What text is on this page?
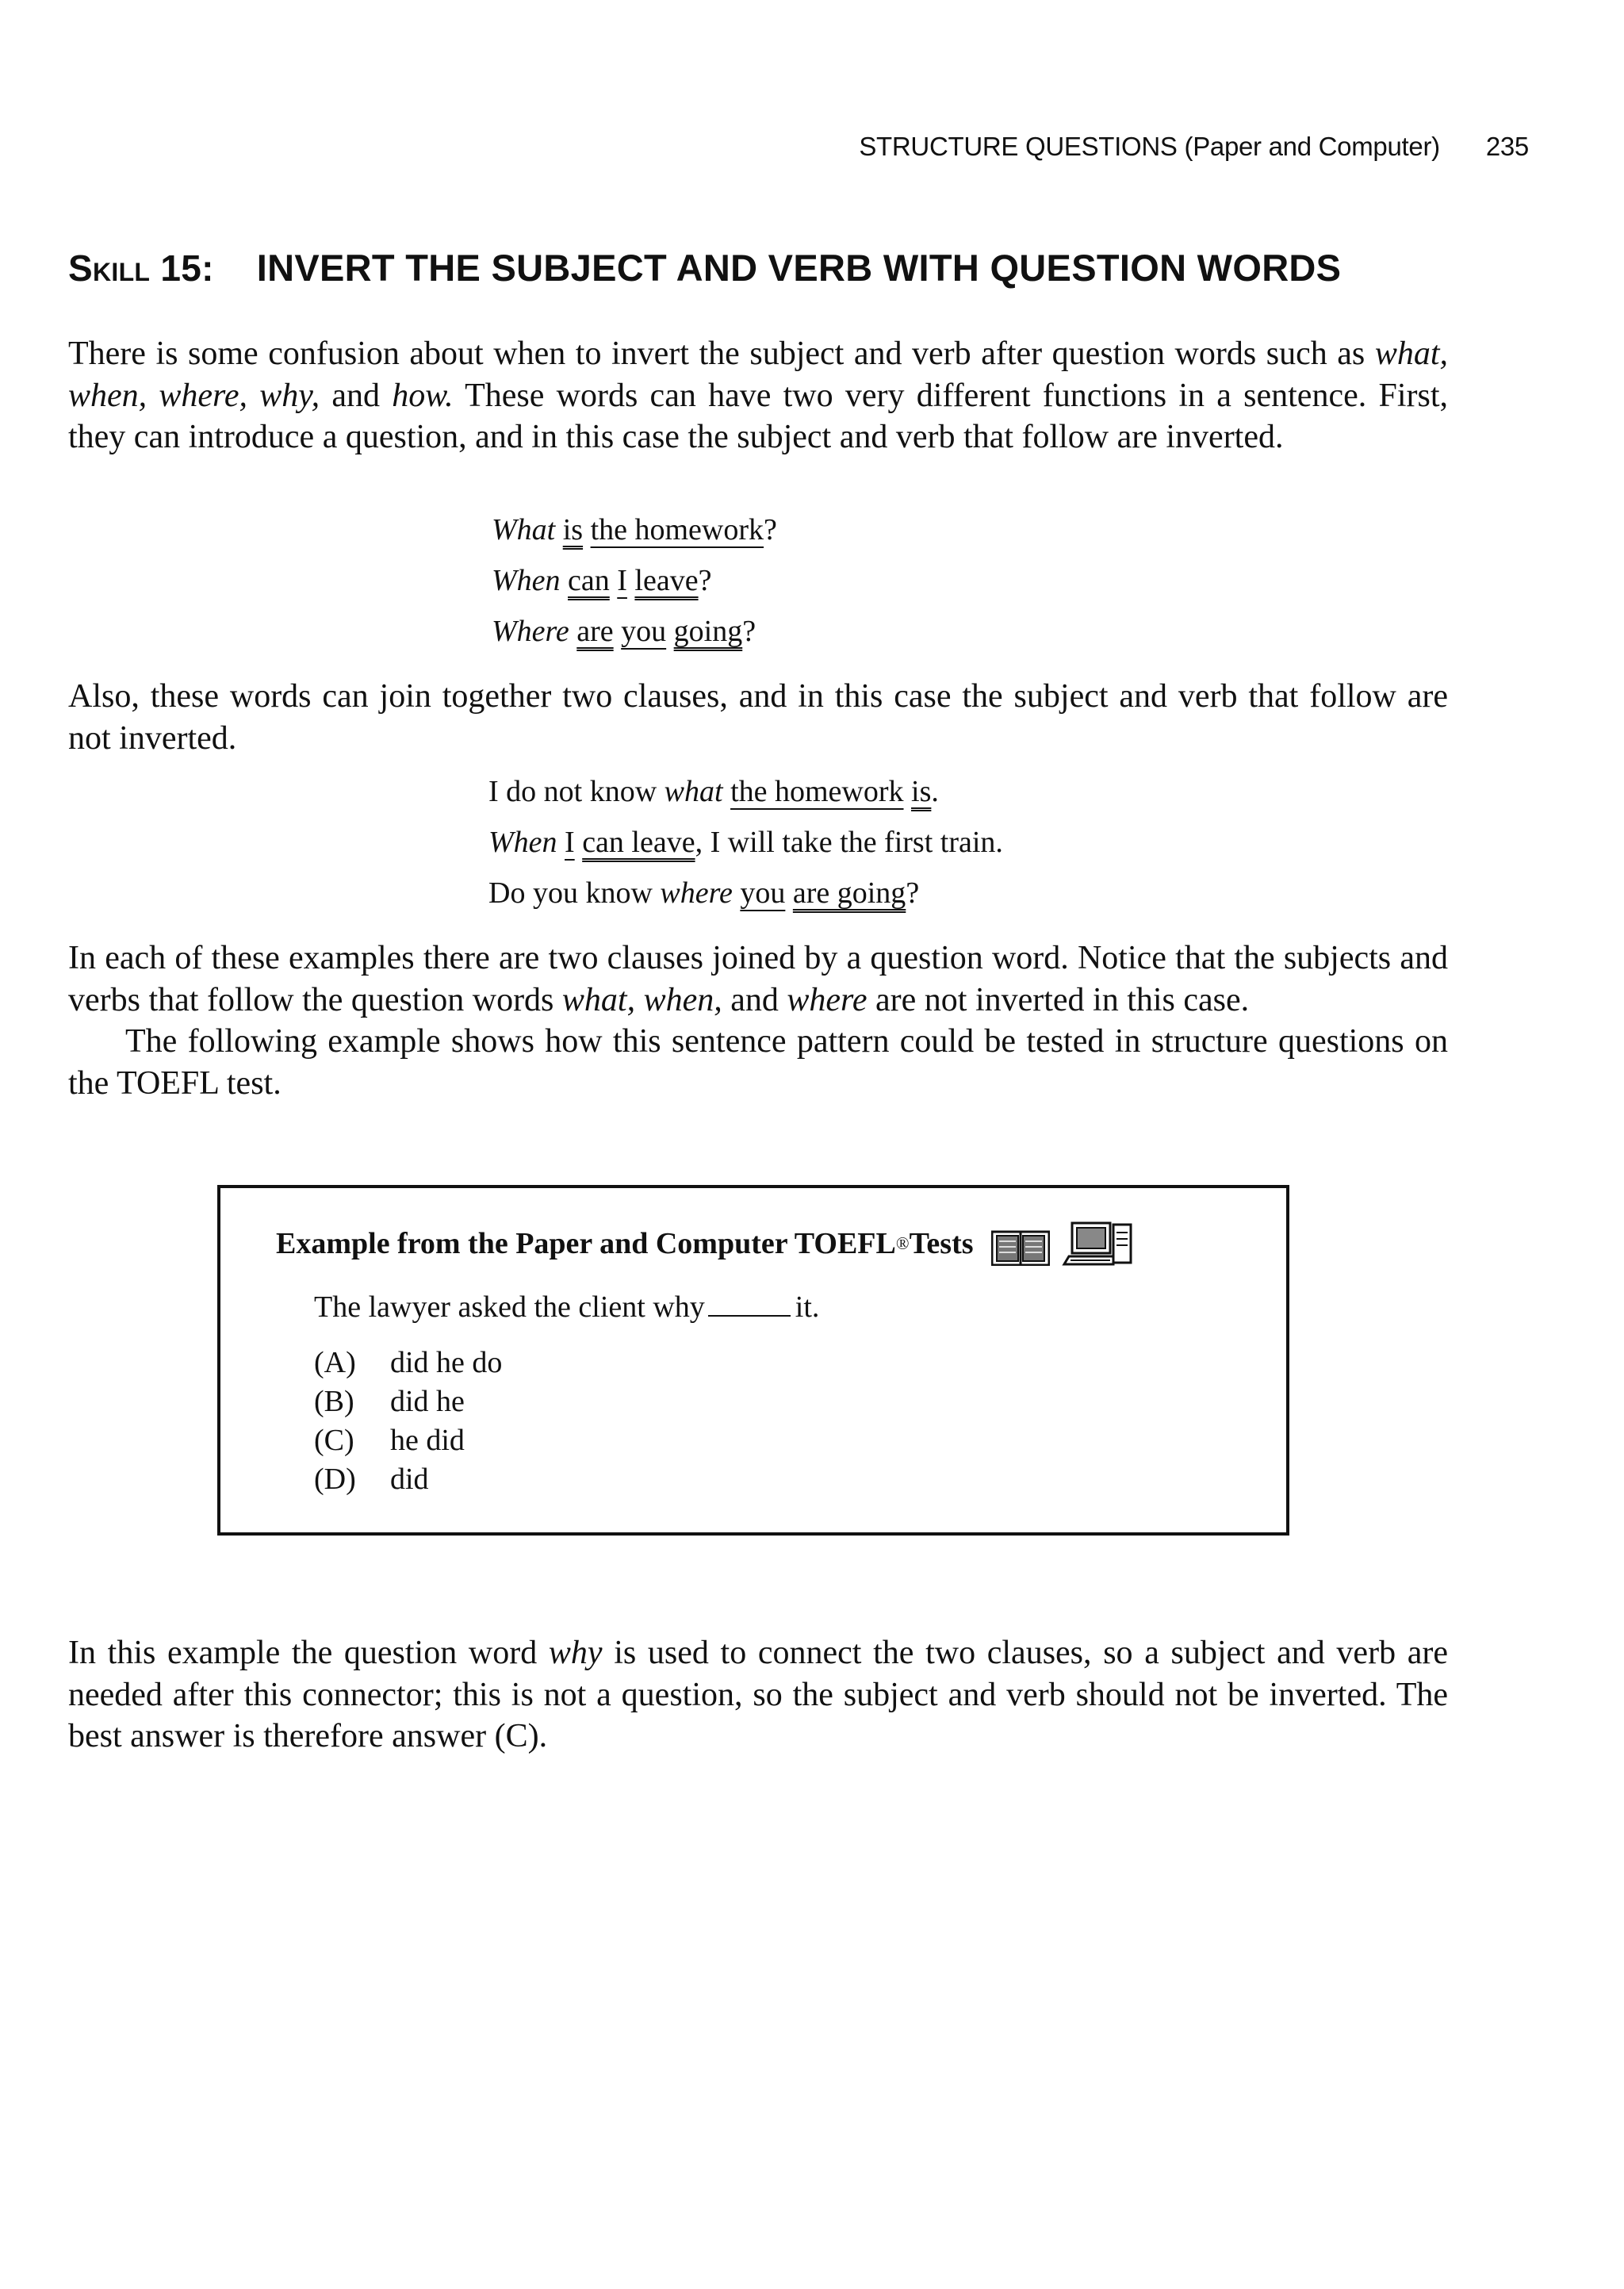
STRUCTURE QUESTIONS (Paper and Computer) 235
Skill 15: INVERT THE SUBJECT AND VERB WITH QUESTION WORDS

There is some confusion about when to invert the subject and verb after question words such as what, when, where, why, and how. These words can have two very different functions in a sentence. First, they can introduce a question, and in this case the subject and verb that follow are inverted.

What is the homework?
When can I leave?
Where are you going?

Also, these words can join together two clauses, and in this case the subject and verb that follow are not inverted.

I do not know what the homework is.
When I can leave, I will take the first train.
Do you know where you are going?

In each of these examples there are two clauses joined by a question word. Notice that the subjects and verbs that follow the question words what, when, and where are not inverted in this case.

The following example shows how this sentence pattern could be tested in structure questions on the TOEFL test.

Example from the Paper and Computer TOEFL ® Tests
The lawyer asked the client why	it.
(A)	did he do
(B)	did he
(C)	he did
(D)	did

In this example the question word why is used to connect the two clauses, so a subject and verb are needed after this connector; this is not a question, so the subject and verb should not be inverted. The best answer is therefore answer (C).
